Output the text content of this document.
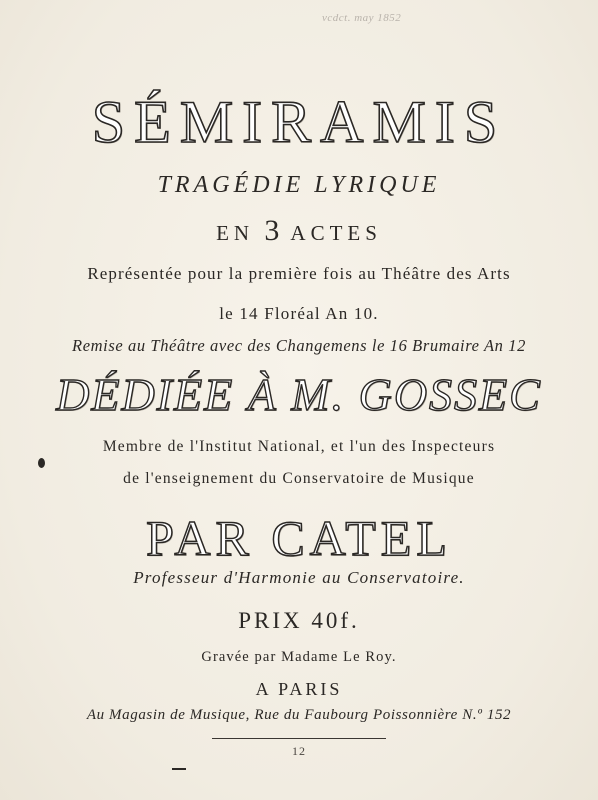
vcdct. may 1852
SÉMIRAMIS
TRAGÉDIE LYRIQUE
EN 3 ACTES
Représentée pour la première fois au Théâtre des Arts
le 14 Floréal An 10.
Remise au Théâtre avec des Changemens le 16 Brumaire An 12
DÉDIÉE À M. GOSSEC
Membre de l'Institut National, et l'un des Inspecteurs
de l'enseignement du Conservatoire de Musique
PAR CATEL
Professeur d'Harmonie au Conservatoire.
PRIX 40f.
Gravée par Madame Le Roy.
A PARIS
Au Magasin de Musique, Rue du Faubourg Poissonnière N.º 152
12
